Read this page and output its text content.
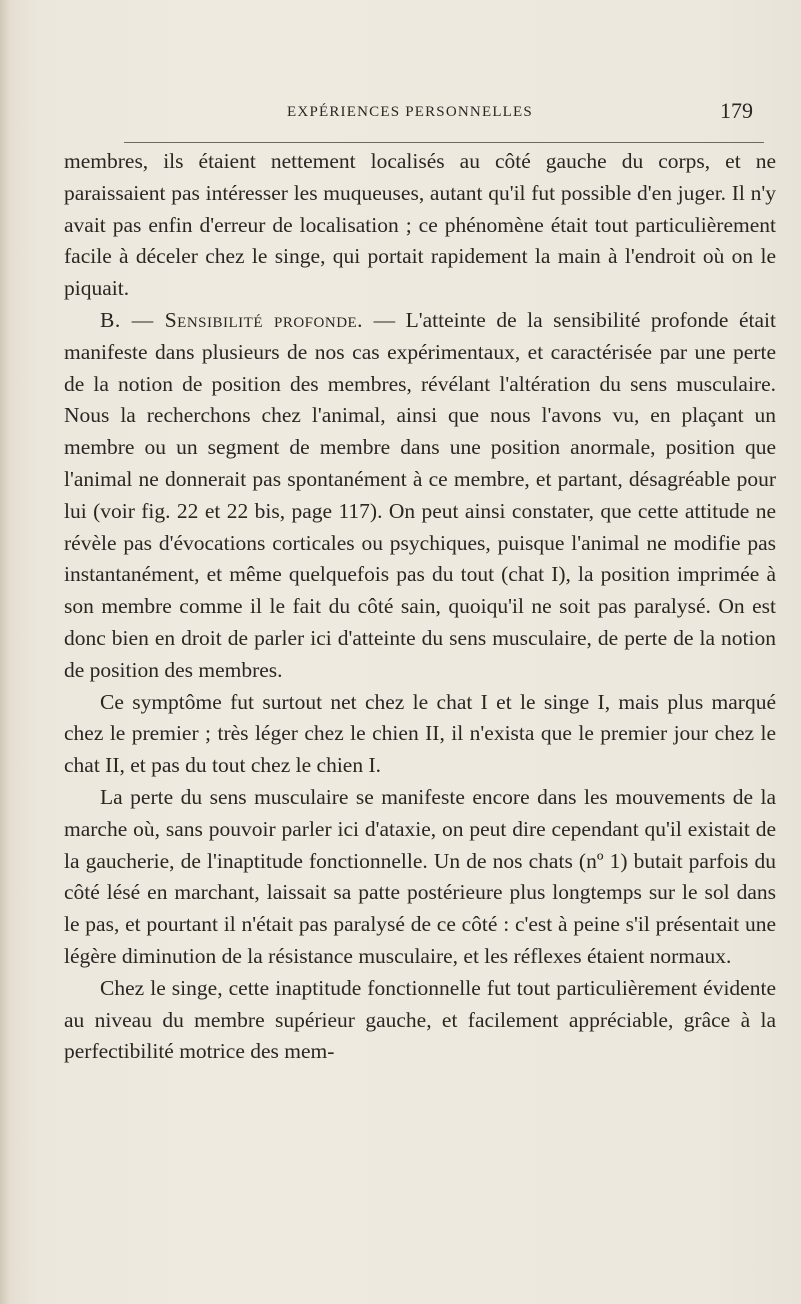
EXPÉRIENCES PERSONNELLES	179

membres, ils étaient nettement localisés au côté gauche du corps, et ne paraissaient pas intéresser les muqueuses, autant qu'il fut possible d'en juger. Il n'y avait pas enfin d'erreur de localisation ; ce phénomène était tout particulièrement facile à déceler chez le singe, qui portait rapidement la main à l'endroit où on le piquait.

B. — Sensibilité profonde. — L'atteinte de la sensibilité profonde était manifeste dans plusieurs de nos cas expérimentaux, et caractérisée par une perte de la notion de position des membres, révélant l'altération du sens musculaire. Nous la recherchons chez l'animal, ainsi que nous l'avons vu, en plaçant un membre ou un segment de membre dans une position anormale, position que l'animal ne donnerait pas spontanément à ce membre, et partant, désagréable pour lui (voir fig. 22 et 22 bis, page 117). On peut ainsi constater, que cette attitude ne révèle pas d'évocations corticales ou psychiques, puisque l'animal ne modifie pas instantanément, et même quelquefois pas du tout (chat I), la position imprimée à son membre comme il le fait du côté sain, quoiqu'il ne soit pas paralysé. On est donc bien en droit de parler ici d'atteinte du sens musculaire, de perte de la notion de position des membres.

Ce symptôme fut surtout net chez le chat I et le singe I, mais plus marqué chez le premier ; très léger chez le chien II, il n'exista que le premier jour chez le chat II, et pas du tout chez le chien I.

La perte du sens musculaire se manifeste encore dans les mouvements de la marche où, sans pouvoir parler ici d'ataxie, on peut dire cependant qu'il existait de la gaucherie, de l'inaptitude fonctionnelle. Un de nos chats (nº 1) butait parfois du côté lésé en marchant, laissait sa patte postérieure plus longtemps sur le sol dans le pas, et pourtant il n'était pas paralysé de ce côté : c'est à peine s'il présentait une légère diminution de la résistance musculaire, et les réflexes étaient normaux.

Chez le singe, cette inaptitude fonctionnelle fut tout particulièrement évidente au niveau du membre supérieur gauche, et facilement appréciable, grâce à la perfectibilité motrice des mem-
